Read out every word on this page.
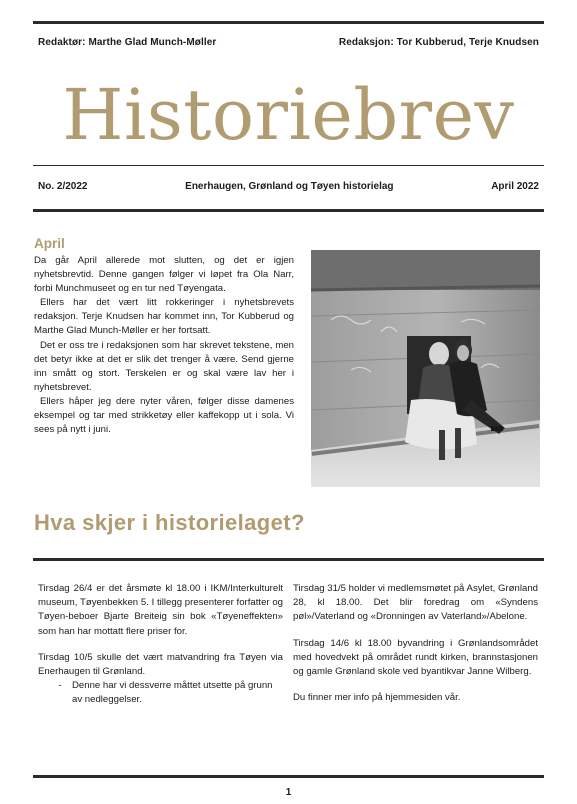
Redaktør: Marthe Glad Munch-Møller	Redaksjon: Tor Kubberud, Terje Knudsen
Historiebrev
No. 2/2022	Enerhaugen, Grønland og Tøyen historielag	April 2022
April

Da går April allerede mot slutten, og det er igjen nyhetsbrevtid. Denne gangen følger vi løpet fra Ola Narr, forbi Munchmuseet og en tur ned Tøyengata.

Ellers har det vært litt rokkeringer i nyhetsbrevets redaksjon. Terje Knudsen har kommet inn, Tor Kubberud og Marthe Glad Munch-Møller er her fortsatt.

Det er oss tre i redaksjonen som har skrevet tekstene, men det betyr ikke at det er slik det trenger å være. Send gjerne inn smått og stort. Terskelen er og skal være lav her i nyhetsbrevet.

Ellers håper jeg dere nyter våren, følger disse damenes eksempel og tar med strikketøy eller kaffekopp ut i sola. Vi sees på nytt i juni.

Hva skjer i historielaget?

Tirsdag 26/4 er det årsmøte kl 18.00 i IKM/Interkulturelt museum, Tøyenbekken 5. I tillegg presenterer forfatter og Tøyen-beboer Bjarte Breiteig sin bok «Tøyeneffekten» som han har mottatt flere priser for.

Tirsdag 10/5 skulle det vært matvandring fra Tøyen via Enerhaugen til Grønland.

-	Denne har vi dessverre måttet utsette på grunn av nedleggelser.

Tirsdag 31/5 holder vi medlemsmøtet på Asylet, Grønland 28, kl 18.00. Det blir foredrag om «Syndens pøl»/Vaterland og «Dronningen av Vaterland»/Abelone.

Tirsdag 14/6 kl 18.00 byvandring i Grønlandsområdet med hovedvekt på området rundt kirken, brannstasjonen og gamle Grønland skole ved byantikvar Janne Wilberg.

Du finner mer info på hjemmesiden vår.

1
